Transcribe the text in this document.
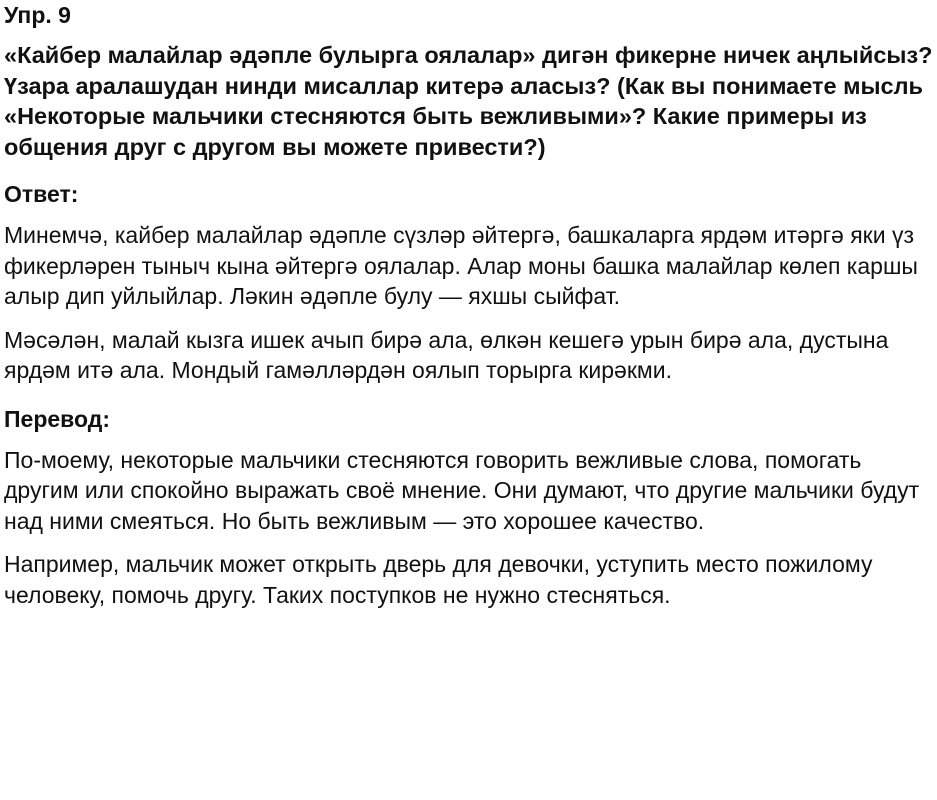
Упр. 9

«Кайбер малайлар әдәпле булырга оялалар» дигән фикерне ничек аңлыйсыз? Үзара аралашудан нинди мисаллар китерә аласыз? (Как вы понимаете мысль «Некоторые мальчики стесняются быть вежливыми»? Какие примеры из общения друг с другом вы можете привести?)

Ответ:

Минемчә, кайбер малайлар әдәпле сүзләр әйтергә, башкаларга ярдәм итәргә яки үз фикерләрен тыныч кына әйтергә оялалар. Алар моны башка малайлар көлеп каршы алыр дип уйлыйлар. Ләкин әдәпле булу — яхшы сыйфат.

Мәсәлән, малай кызга ишек ачып бирә ала, өлкән кешегә урын бирә ала, дустына ярдәм итә ала. Мондый гамәлләрдән оялып торырга кирәкми.

Перевод:

По-моему, некоторые мальчики стесняются говорить вежливые слова, помогать другим или спокойно выражать своё мнение. Они думают, что другие мальчики будут над ними смеяться. Но быть вежливым — это хорошее качество.

Например, мальчик может открыть дверь для девочки, уступить место пожилому человеку, помочь другу. Таких поступков не нужно стесняться.
